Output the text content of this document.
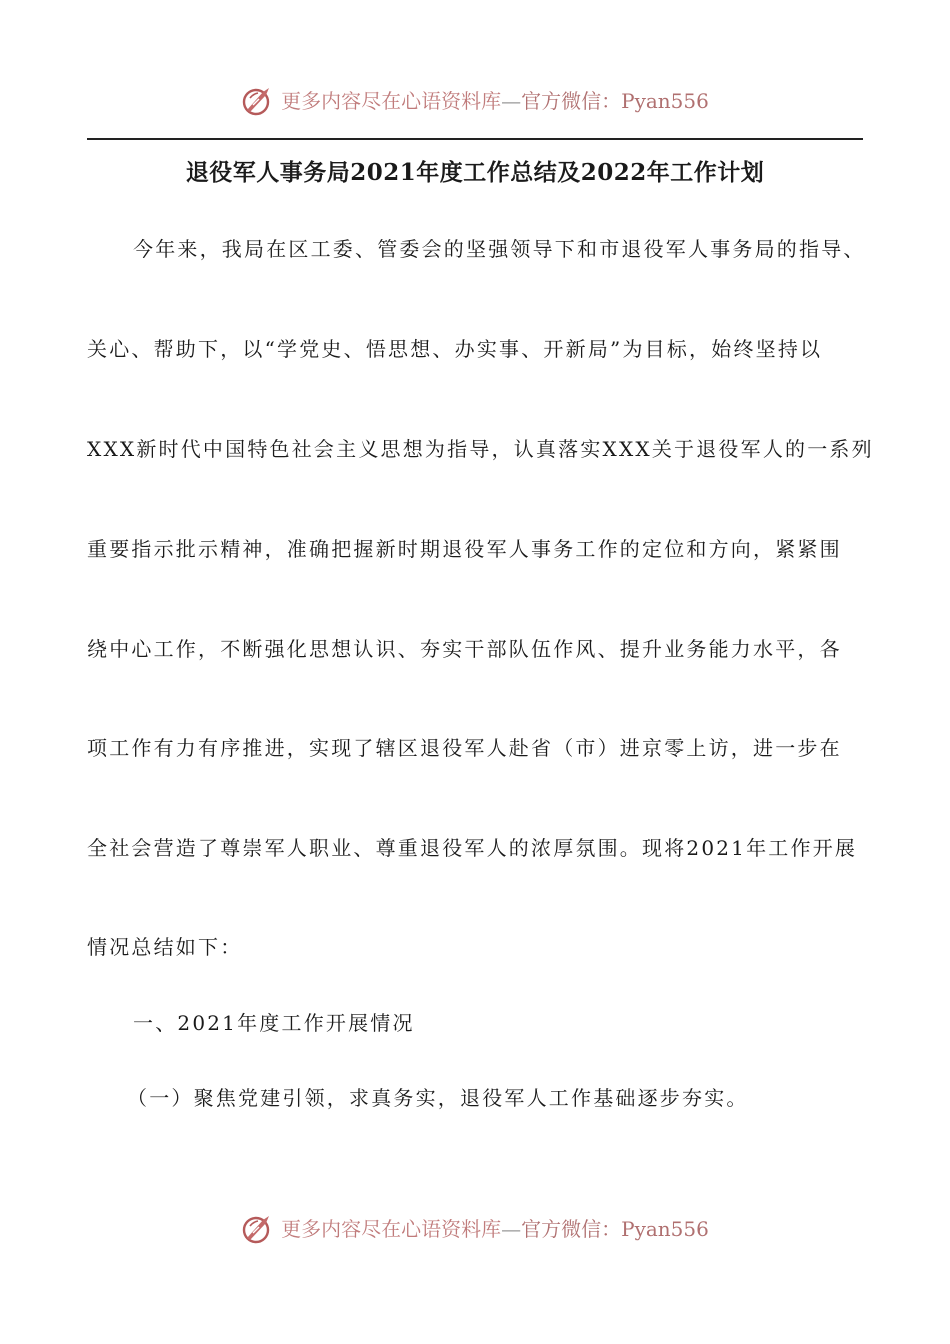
更多内容尽在心语资料库—官方微信：Pyan556
退役军人事务局2021年度工作总结及2022年工作计划
今年来，我局在区工委、管委会的坚强领导下和市退役军人事务局的指导、
关心、帮助下，以“学党史、悟思想、办实事、开新局”为目标，始终坚持以
XXX新时代中国特色社会主义思想为指导，认真落实XXX关于退役军人的一系列
重要指示批示精神，准确把握新时期退役军人事务工作的定位和方向，紧紧围
绕中心工作，不断强化思想认识、夯实干部队伍作风、提升业务能力水平，各
项工作有力有序推进，实现了辖区退役军人赴省（市）进京零上访，进一步在
全社会营造了尊崇军人职业、尊重退役军人的浓厚氛围。现将2021年工作开展
情况总结如下：
一、2021年度工作开展情况
（一）聚焦党建引领，求真务实，退役军人工作基础逐步夯实。
更多内容尽在心语资料库—官方微信：Pyan556
